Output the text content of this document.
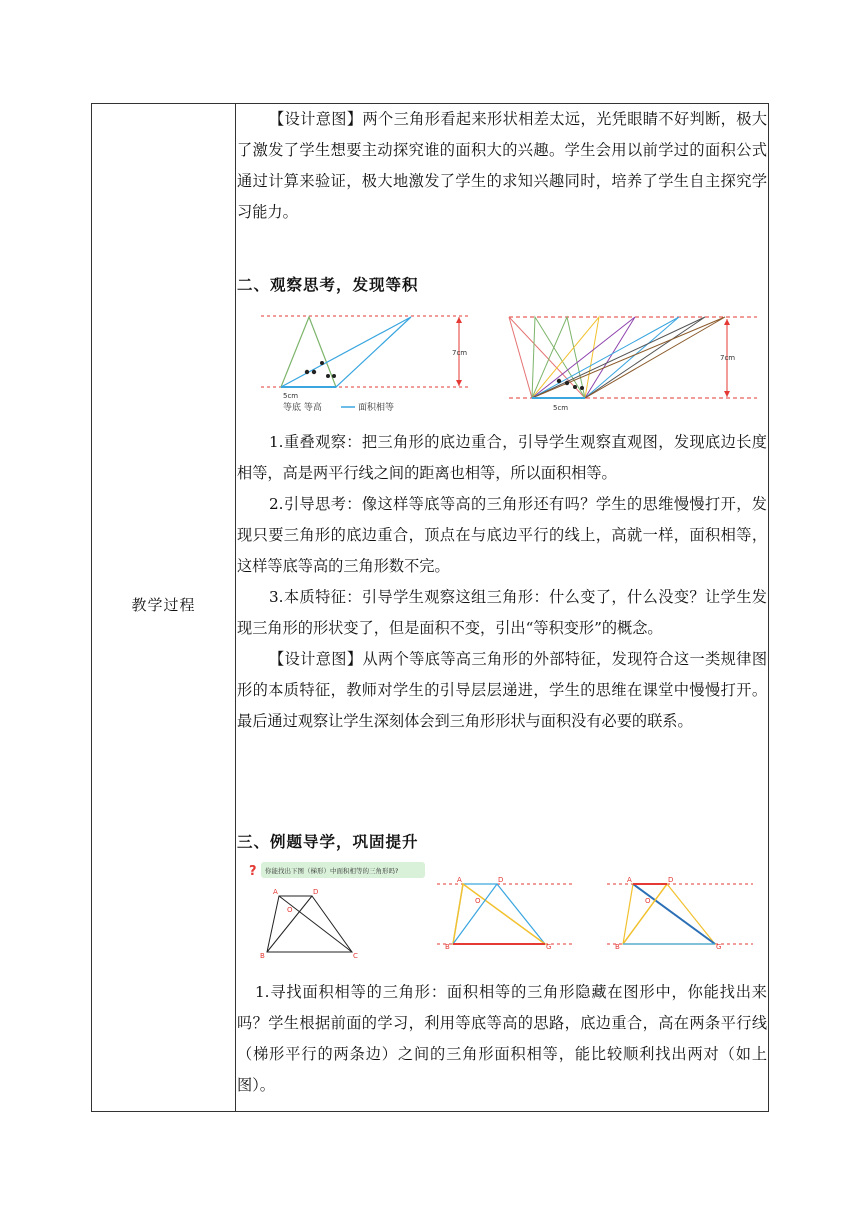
教学过程
【设计意图】两个三角形看起来形状相差太远，光凭眼睛不好判断，极大了激发了学生想要主动探究谁的面积大的兴趣。学生会用以前学过的面积公式通过计算来验证，极大地激发了学生的求知兴趣同时，培养了学生自主探究学习能力。
二、观察思考，发现等积
7cm
5cm
等底 等高	面积相等
7cm
5cm
1.重叠观察：把三角形的底边重合，引导学生观察直观图，发现底边长度相等，高是两平行线之间的距离也相等，所以面积相等。
2.引导思考：像这样等底等高的三角形还有吗？学生的思维慢慢打开，发现只要三角形的底边重合，顶点在与底边平行的线上，高就一样，面积相等，这样等底等高的三角形数不完。
3.本质特征：引导学生观察这组三角形：什么变了，什么没变？让学生发现三角形的形状变了，但是面积不变，引出“等积变形”的概念。
【设计意图】从两个等底等高三角形的外部特征，发现符合这一类规律图形的本质特征，教师对学生的引导层层递进，学生的思维在课堂中慢慢打开。最后通过观察让学生深刻体会到三角形形状与面积没有必要的联系。
三、例题导学，巩固提升
? 你能找出下图（梯形）中面积相等的三角形吗?
A	D
O
B	C
A	D
O
B	G
A	D
O
B	G
1.寻找面积相等的三角形：面积相等的三角形隐藏在图形中，你能找出来吗？学生根据前面的学习，利用等底等高的思路，底边重合，高在两条平行线（梯形平行的两条边）之间的三角形面积相等，能比较顺利找出两对（如上图）。
